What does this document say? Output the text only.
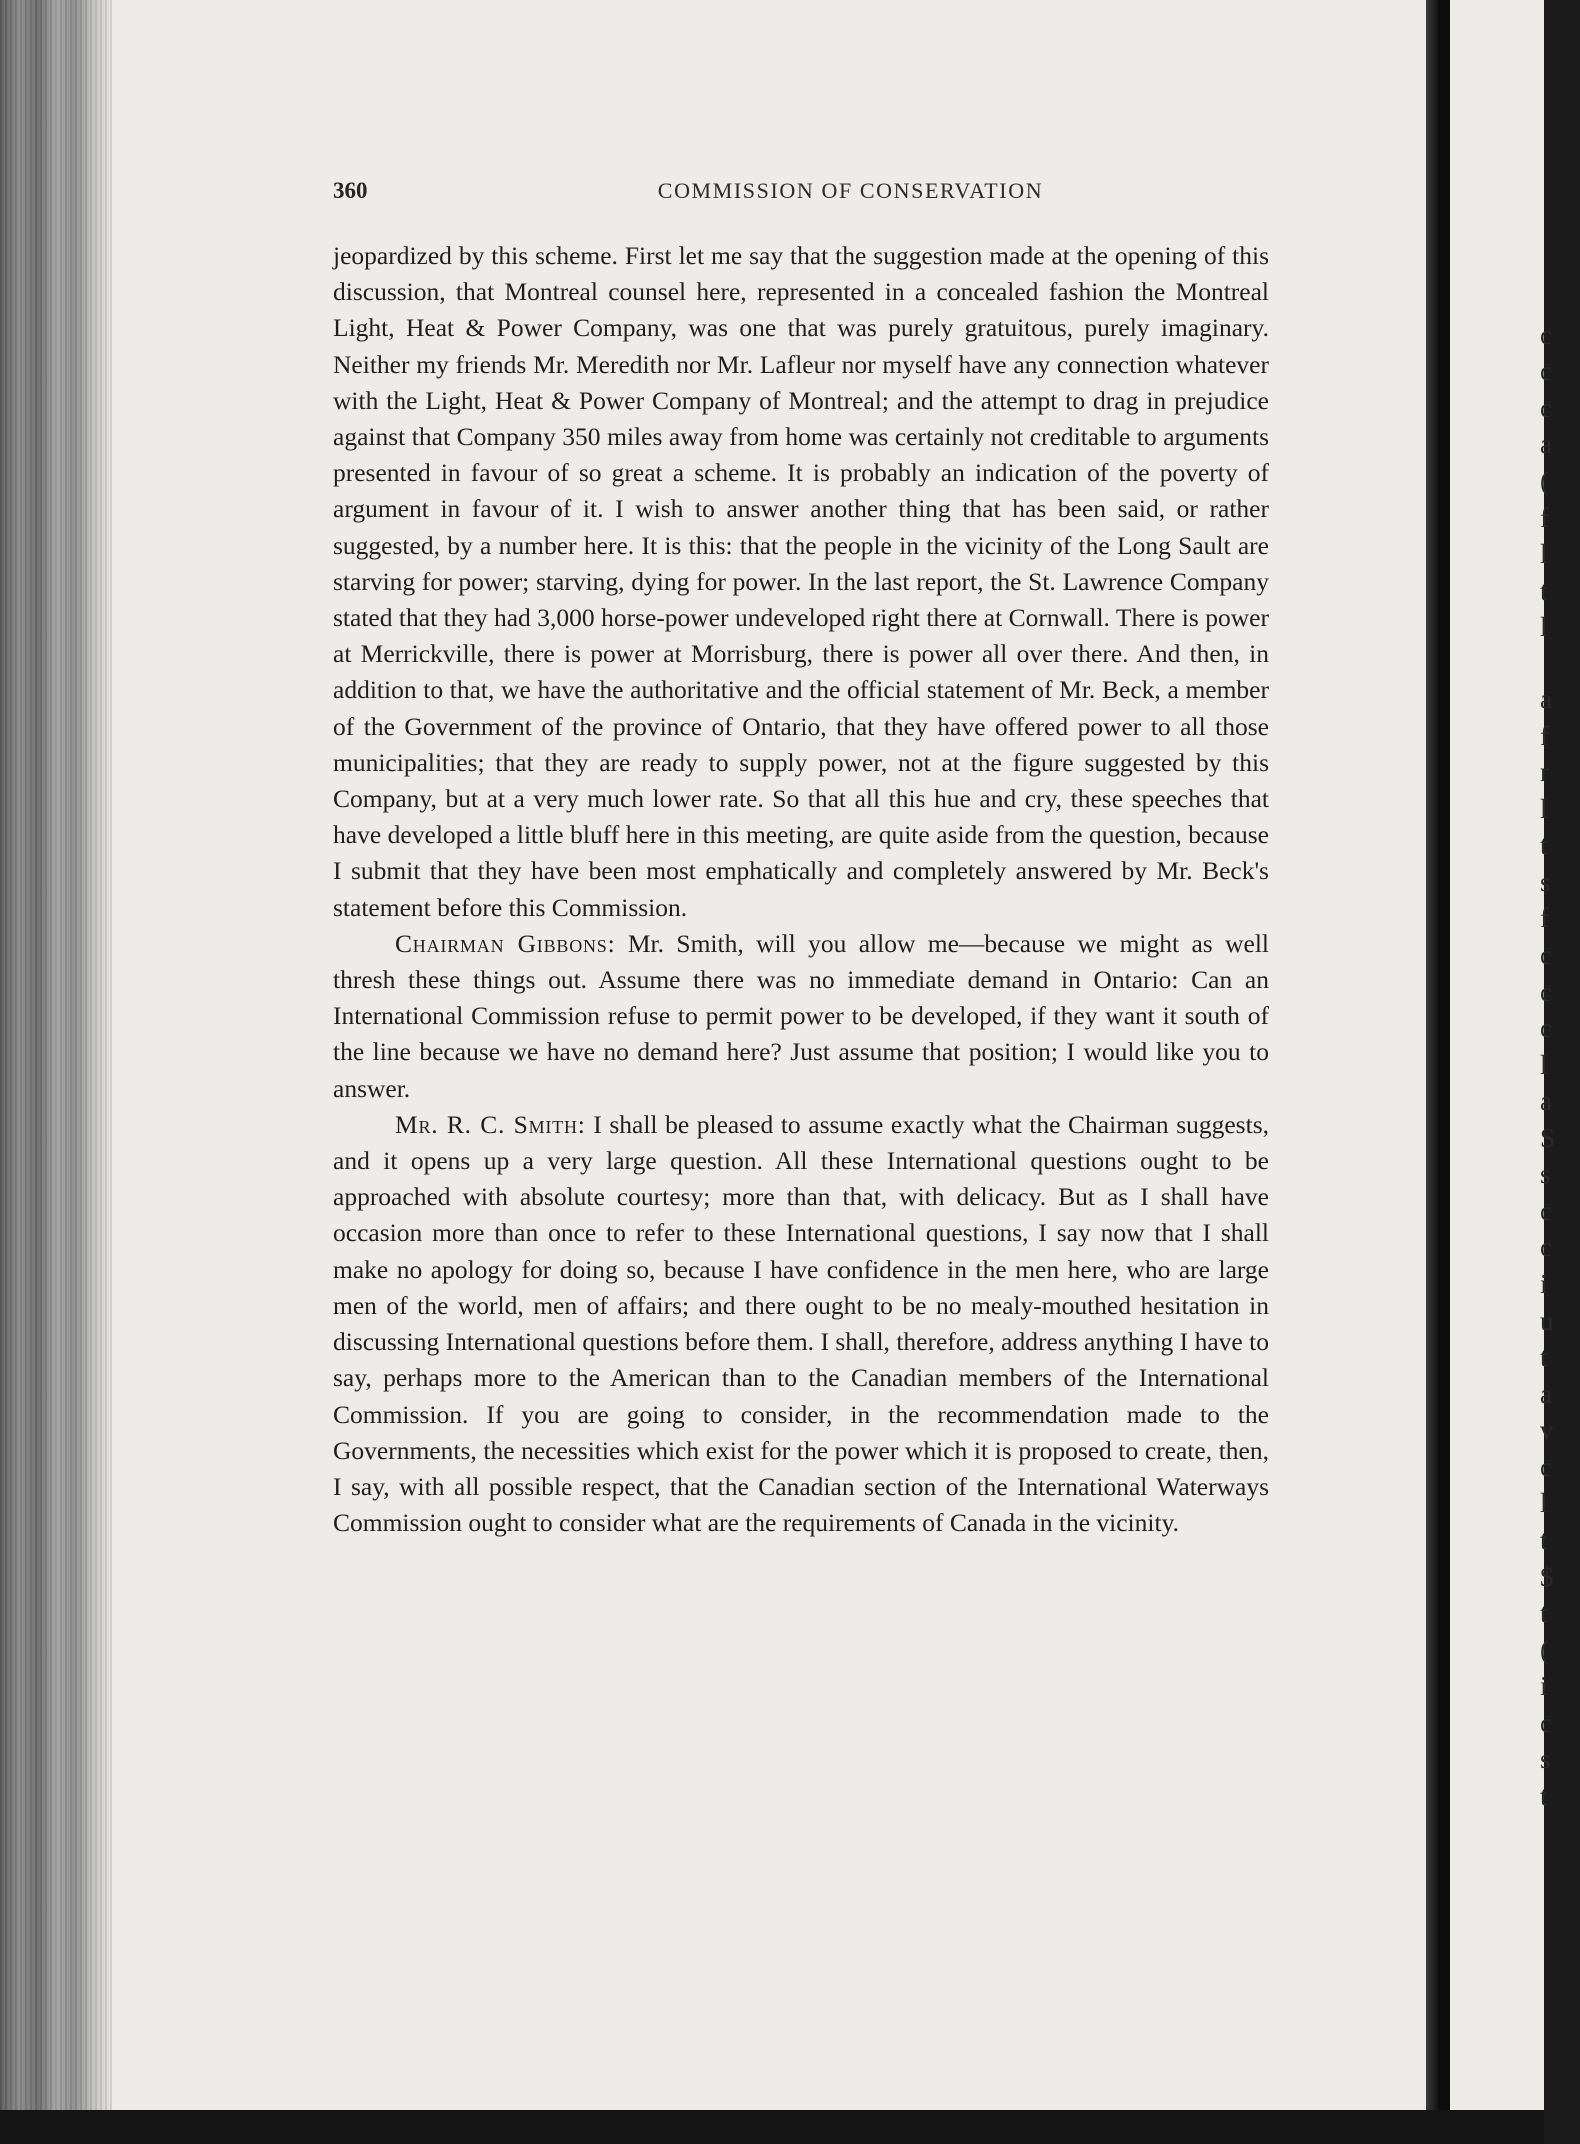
360	COMMISSION OF CONSERVATION

jeopardized by this scheme. First let me say that the suggestion made at the opening of this discussion, that Montreal counsel here, represented in a concealed fashion the Montreal Light, Heat & Power Company, was one that was purely gratuitous, purely imaginary. Neither my friends Mr. Meredith nor Mr. Lafleur nor myself have any connection whatever with the Light, Heat & Power Company of Montreal; and the attempt to drag in prejudice against that Company 350 miles away from home was certainly not creditable to arguments presented in favour of so great a scheme. It is probably an indication of the poverty of argument in favour of it. I wish to answer another thing that has been said, or rather suggested, by a number here. It is this: that the people in the vicinity of the Long Sault are starving for power; starving, dying for power. In the last report, the St. Lawrence Company stated that they had 3,000 horse-power undeveloped right there at Cornwall. There is power at Merrickville, there is power at Morrisburg, there is power all over there. And then, in addition to that, we have the authoritative and the official statement of Mr. Beck, a member of the Government of the province of Ontario, that they have offered power to all those municipalities; that they are ready to supply power, not at the figure suggested by this Company, but at a very much lower rate. So that all this hue and cry, these speeches that have developed a little bluff here in this meeting, are quite aside from the question, because I submit that they have been most emphatically and completely answered by Mr. Beck's statement before this Commission.

Chairman Gibbons: Mr. Smith, will you allow me—because we might as well thresh these things out. Assume there was no immediate demand in Ontario: Can an International Commission refuse to permit power to be developed, if they want it south of the line because we have no demand here? Just assume that position; I would like you to answer.

Mr. R. C. Smith: I shall be pleased to assume exactly what the Chairman suggests, and it opens up a very large question. All these International questions ought to be approached with absolute courtesy; more than that, with delicacy. But as I shall have occasion more than once to refer to these International questions, I say now that I shall make no apology for doing so, because I have confidence in the men here, who are large men of the world, men of affairs; and there ought to be no mealy-mouthed hesitation in discussing International questions before them. I shall, therefore, address anything I have to say, perhaps more to the American than to the Canadian members of the International Commission. If you are going to consider, in the recommendation made to the Governments, the necessities which exist for the power which it is proposed to create, then, I say, with all possible respect, that the Canadian section of the International Waterways Commission ought to consider what are the requirements of Canada in the vicinity.

c
c
c
a
(
f
l
t
l
a
f
r
l
t
s
f
c
c
c
l
a
S
s
c
c
i
u
t
a
v
c
l
t
$
t
(
i
c
s
t
